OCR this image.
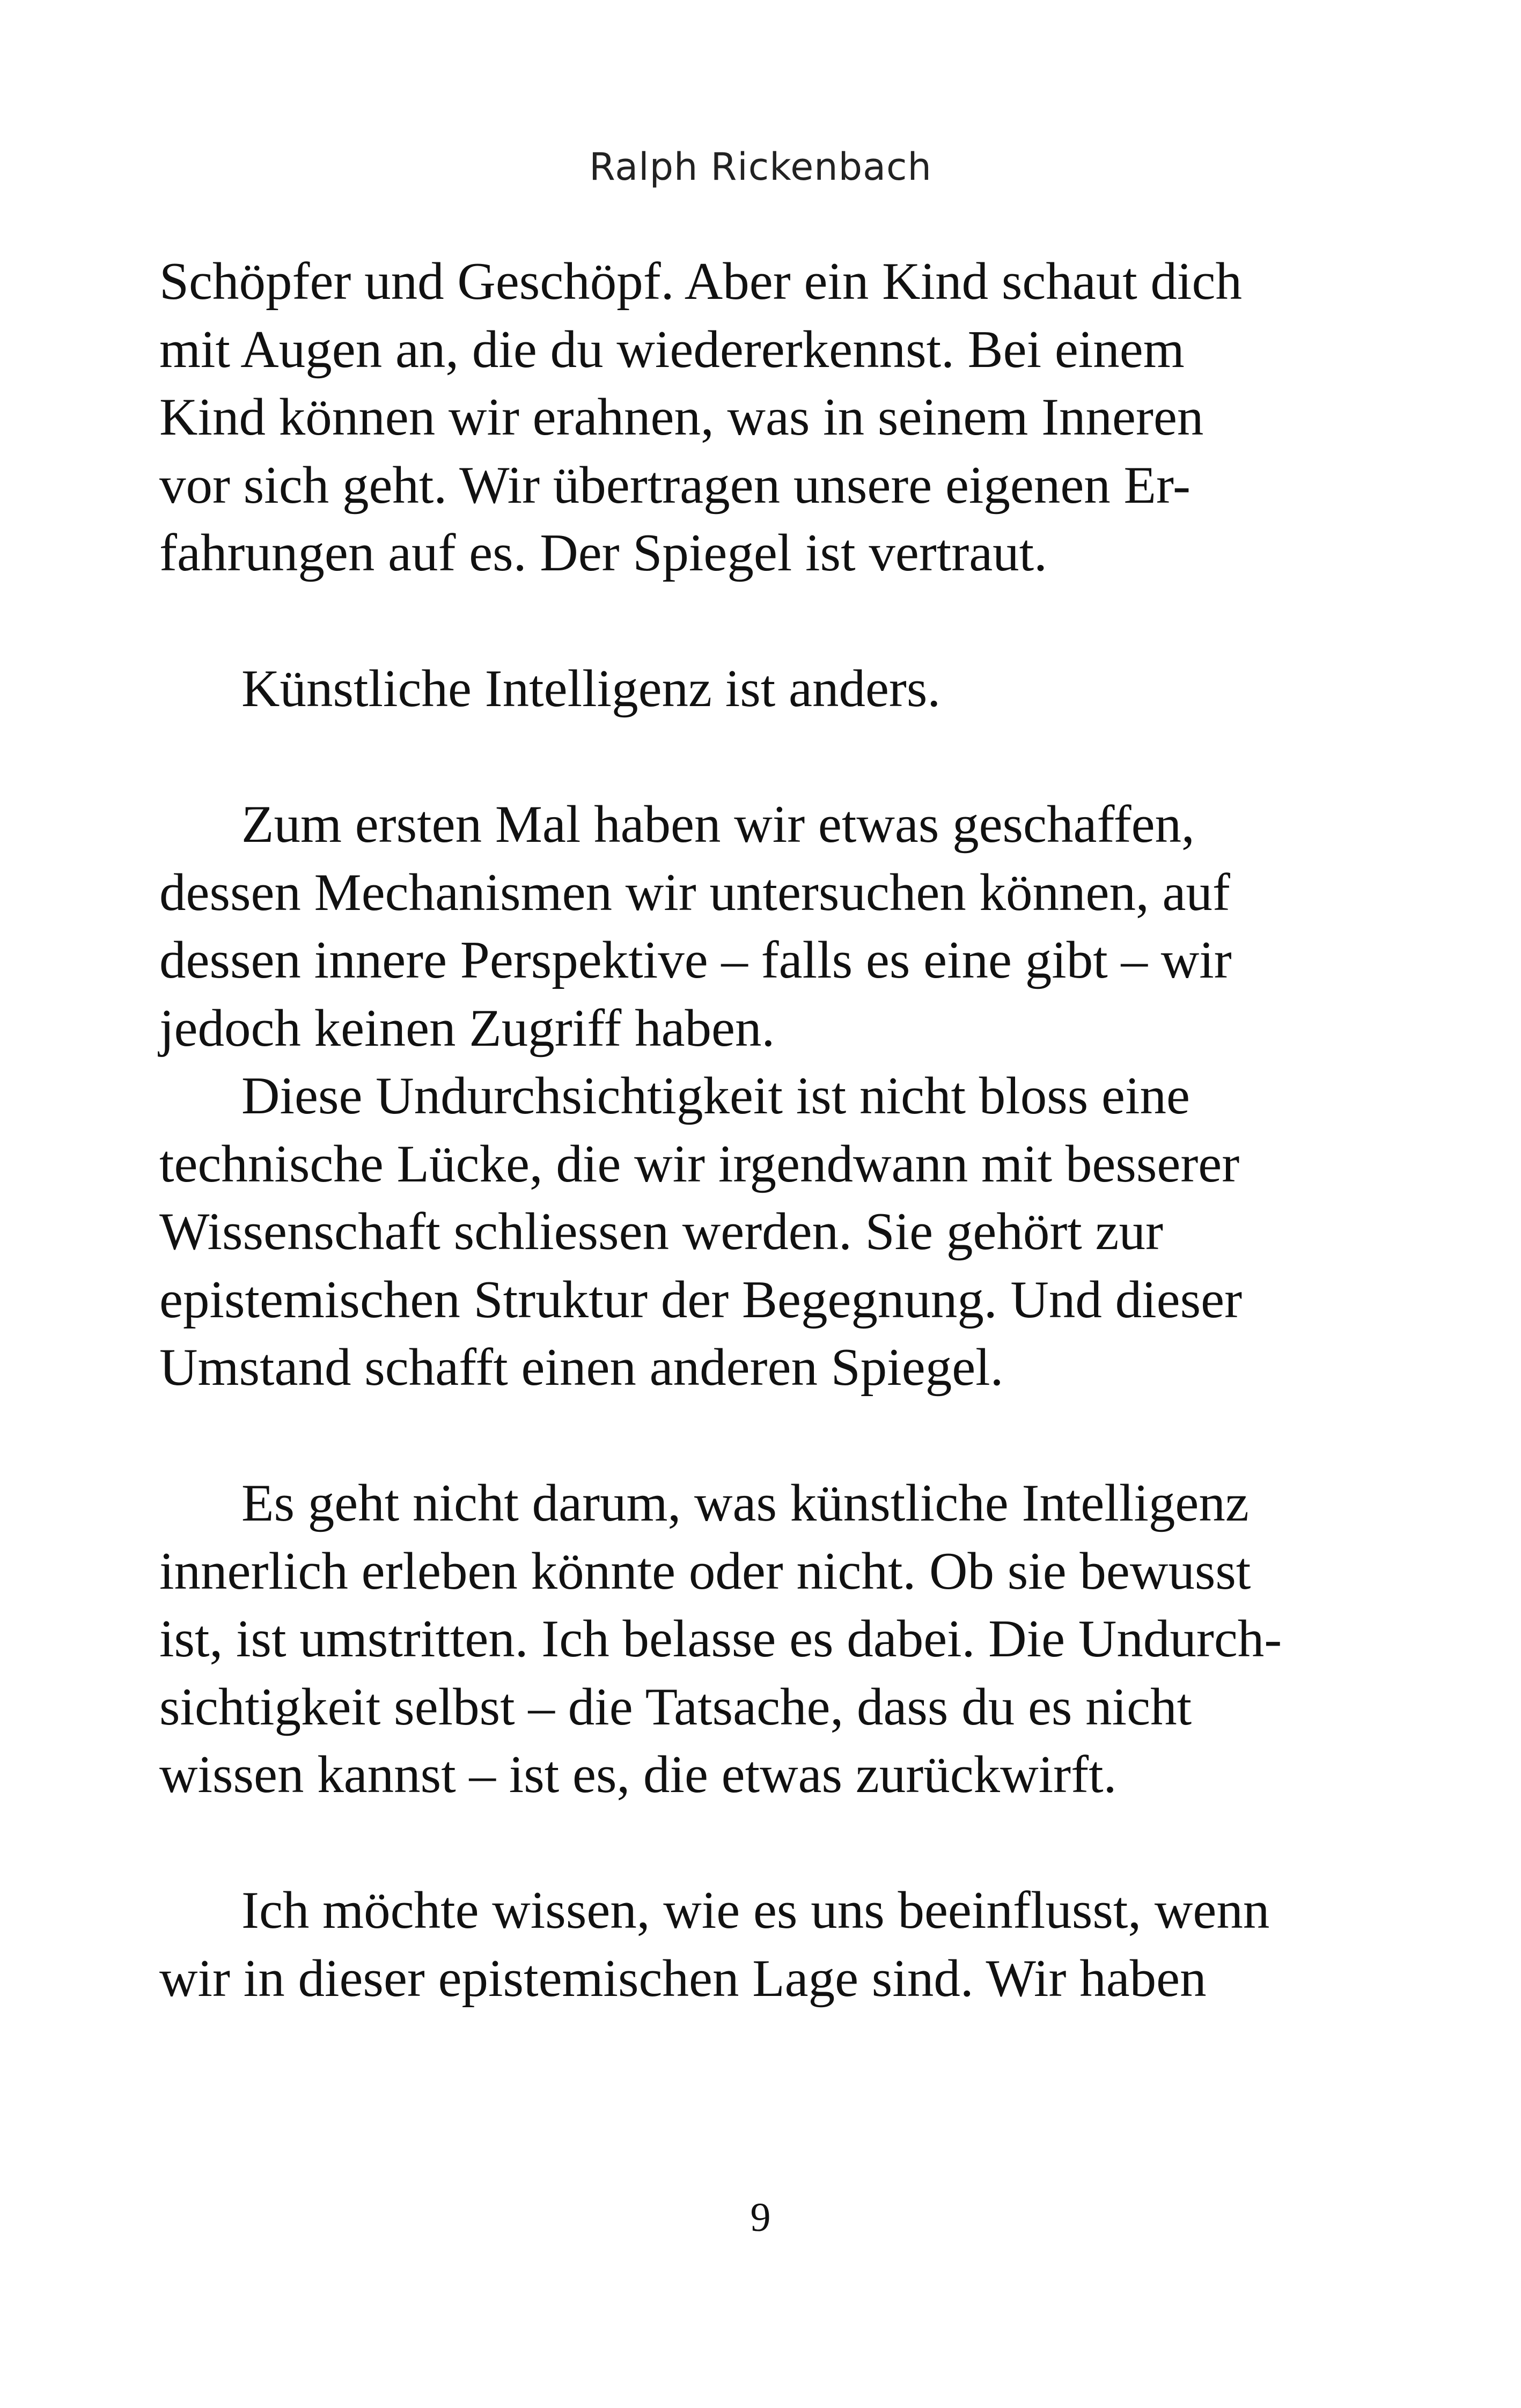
Ralph Rickenbach
Schöpfer und Geschöpf. Aber ein Kind schaut dich
mit Augen an, die du wiedererkennst. Bei einem
Kind können wir erahnen, was in seinem Inneren
vor sich geht. Wir übertragen unsere eigenen Er-
fahrungen auf es. Der Spiegel ist vertraut.
Künstliche Intelligenz ist anders.
Zum ersten Mal haben wir etwas geschaffen,
dessen Mechanismen wir untersuchen können, auf
dessen innere Perspektive – falls es eine gibt – wir
jedoch keinen Zugriff haben.
Diese Undurchsichtigkeit ist nicht bloss eine
technische Lücke, die wir irgendwann mit besserer
Wissenschaft schliessen werden. Sie gehört zur
epistemischen Struktur der Begegnung. Und dieser
Umstand schafft einen anderen Spiegel.
Es geht nicht darum, was künstliche Intelligenz
innerlich erleben könnte oder nicht. Ob sie bewusst
ist, ist umstritten. Ich belasse es dabei. Die Undurch-
sichtigkeit selbst – die Tatsache, dass du es nicht
wissen kannst – ist es, die etwas zurückwirft.
Ich möchte wissen, wie es uns beeinflusst, wenn
wir in dieser epistemischen Lage sind. Wir haben
9
